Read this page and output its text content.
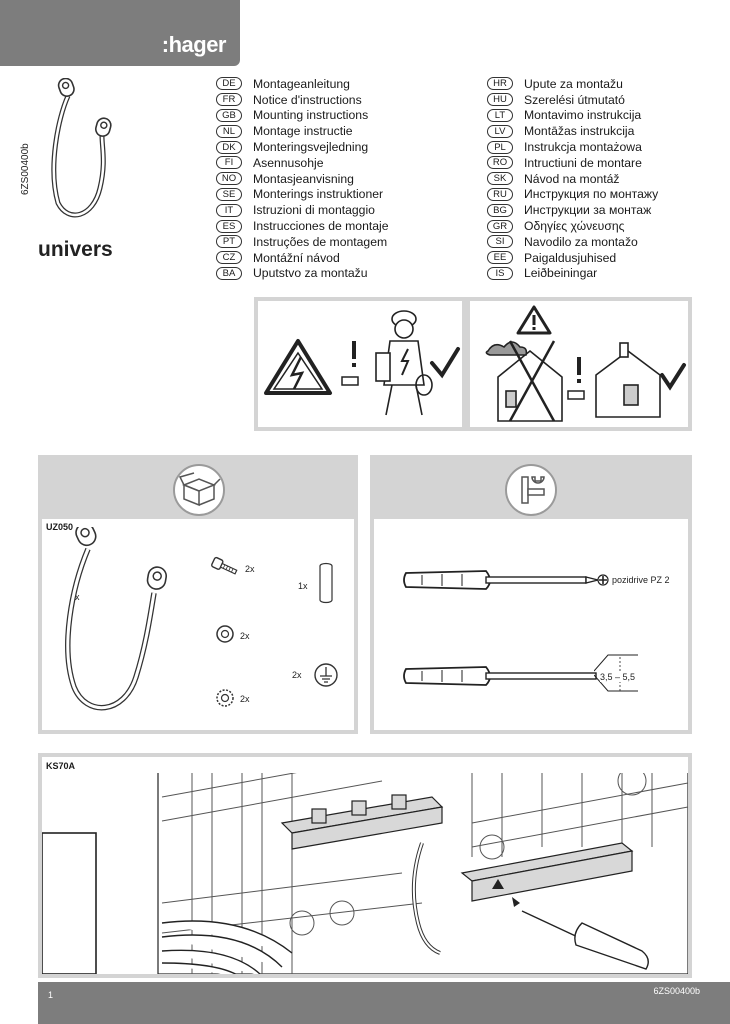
:hager
6ZS00400b
univers
DE	Montageanleitung
FR	Notice d'instructions
GB	Mounting instructions
NL	Montage instructie
DK	Monteringsvejledning
FI	Asennusohje
NO	Montasjeanvisning
SE	Monterings instruktioner
IT	Istruzioni di montaggio
ES	Instrucciones de montaje
PT	Instruções de montagem
CZ	Montážní návod
BA	Uputstvo za montažu
HR	Upute za montažu
HU	Szerelési útmutató
LT	Montavimo instrukcija
LV	Montāžas instrukcija
PL	Instrukcja montażowa
RO	Intructiuni de montare
SK	Návod na montáž
RU	Инструкция по монтажу
BG	Инструкции за монтаж
GR	Οδηγίες χώνευσης
SI	Navodilo za montažo
EE	Paigaldusjuhised
IS	Leiðbeiningar
UZ050
1x
2x
1x
2x
2x
2x
pozidrive PZ 2
3,5 – 5,5
KS70A
1	6ZS00400b
